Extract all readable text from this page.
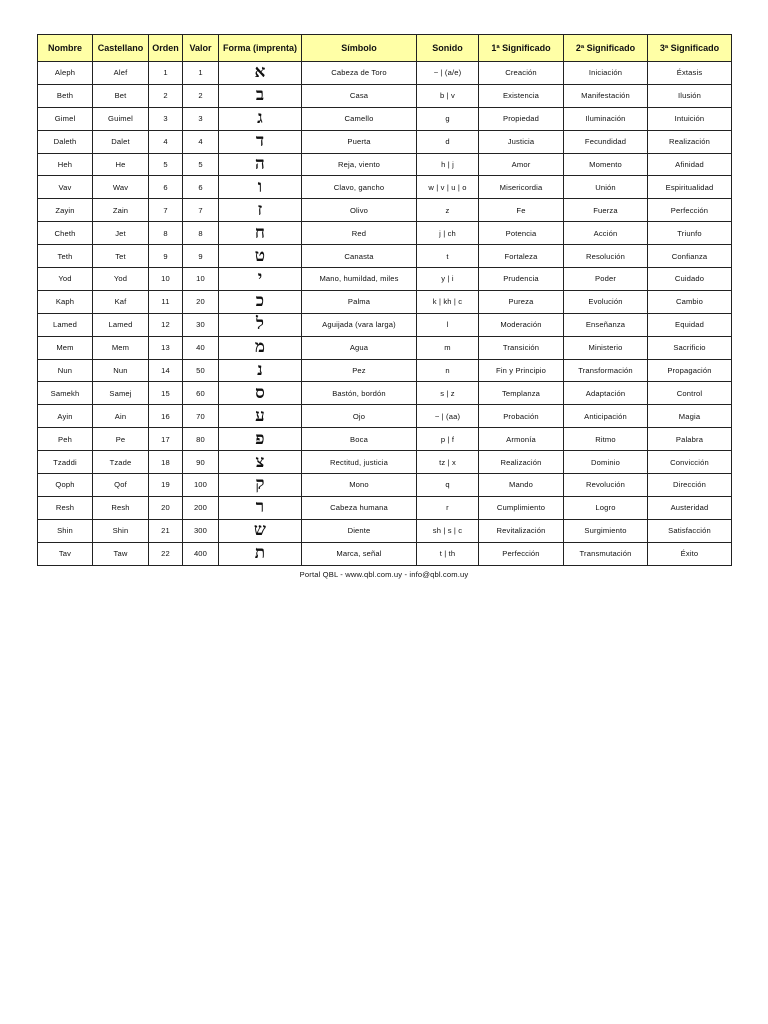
Nombre	Castellano	Orden	Valor	Forma (imprenta)	Símbolo	Sonido	1ª Significado	2ª Significado	3ª Significado
Aleph	Alef	1	1	א	Cabeza de Toro	~ | (a/e)	Creación	Iniciación	Éxtasis
Beth	Bet	2	2	ב	Casa	b | v	Existencia	Manifestación	Ilusión
Gimel	Guimel	3	3	ג	Camello	g	Propiedad	Iluminación	Intuición
Daleth	Dalet	4	4	ד	Puerta	d	Justicia	Fecundidad	Realización
Heh	He	5	5	ה	Reja, viento	h | j	Amor	Momento	Afinidad
Vav	Wav	6	6	ו	Clavo, gancho	w | v | u | o	Misericordia	Unión	Espiritualidad
Zayin	Zain	7	7	ז	Olivo	z	Fe	Fuerza	Perfección
Cheth	Jet	8	8	ח	Red	j | ch	Potencia	Acción	Triunfo
Teth	Tet	9	9	ט	Canasta	t	Fortaleza	Resolución	Confianza
Yod	Yod	10	10	י	Mano, humildad, miles	y | i	Prudencia	Poder	Cuidado
Kaph	Kaf	11	20	כ	Palma	k | kh | c	Pureza	Evolución	Cambio
Lamed	Lamed	12	30	ל	Aguijada (vara larga)	l	Moderación	Enseñanza	Equidad
Mem	Mem	13	40	מ	Agua	m	Transición	Ministerio	Sacrificio
Nun	Nun	14	50	נ	Pez	n	Fin y Principio	Transformación	Propagación
Samekh	Samej	15	60	ס	Bastón, bordón	s | z	Templanza	Adaptación	Control
Ayin	Ain	16	70	ע	Ojo	~ | (aa)	Probación	Anticipación	Magia
Peh	Pe	17	80	פ	Boca	p | f	Armonía	Ritmo	Palabra
Tzaddi	Tzade	18	90	צ	Rectitud, justicia	tz | x	Realización	Dominio	Convicción
Qoph	Qof	19	100	ק	Mono	q	Mando	Revolución	Dirección
Resh	Resh	20	200	ר	Cabeza humana	r	Cumplimiento	Logro	Austeridad
Shin	Shin	21	300	ש	Diente	sh | s | c	Revitalización	Surgimiento	Satisfacción
Tav	Taw	22	400	ת	Marca, señal	t | th	Perfección	Transmutación	Éxito
Portal QBL - www.qbl.com.uy - info@qbl.com.uy
